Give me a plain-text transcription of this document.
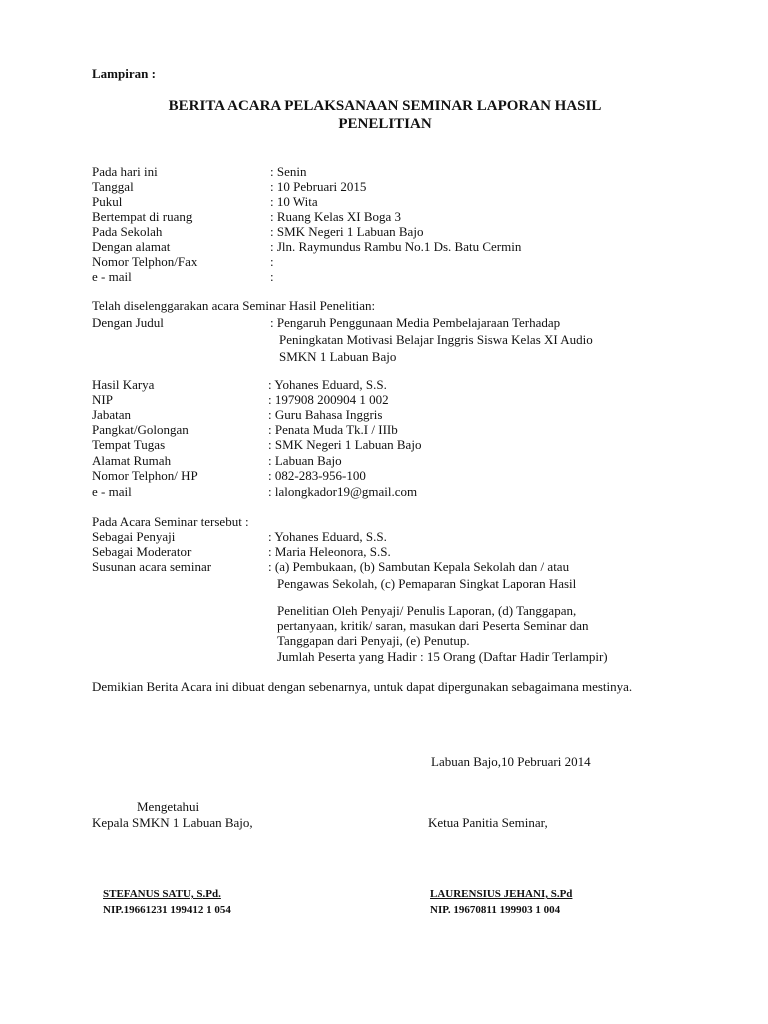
Lampiran :
BERITA ACARA PELAKSANAAN SEMINAR LAPORAN HASIL
PENELITIAN
Pada hari ini	: Senin
Tanggal	: 10 Pebruari 2015
Pukul	: 10 Wita
Bertempat di ruang	: Ruang Kelas XI Boga 3
Pada Sekolah	: SMK Negeri 1 Labuan Bajo
Dengan alamat	: Jln. Raymundus Rambu No.1 Ds. Batu Cermin
Nomor Telphon/Fax	:
e - mail	:
Telah diselenggarakan acara Seminar Hasil Penelitian:
Dengan Judul	: Pengaruh Penggunaan Media Pembelajaraan Terhadap
Peningkatan Motivasi Belajar Inggris Siswa Kelas XI Audio
SMKN 1 Labuan Bajo
Hasil Karya	: Yohanes Eduard, S.S.
NIP	: 197908 200904 1 002
Jabatan	: Guru Bahasa Inggris
Pangkat/Golongan	: Penata Muda Tk.I / IIIb
Tempat Tugas	: SMK Negeri 1 Labuan Bajo
Alamat Rumah	: Labuan Bajo
Nomor Telphon/ HP	: 082-283-956-100
e - mail	: lalongkador19@gmail.com
Pada Acara Seminar tersebut :
Sebagai Penyaji	: Yohanes Eduard, S.S.
Sebagai Moderator	: Maria Heleonora, S.S.
Susunan acara seminar	: (a) Pembukaan, (b) Sambutan Kepala Sekolah dan / atau
Pengawas Sekolah, (c) Pemaparan Singkat Laporan Hasil
Penelitian Oleh Penyaji/ Penulis Laporan, (d) Tanggapan,
pertanyaan, kritik/ saran, masukan dari Peserta Seminar dan
Tanggapan dari Penyaji, (e) Penutup.
Jumlah Peserta yang Hadir : 15 Orang (Daftar Hadir Terlampir)
Demikian Berita Acara ini dibuat dengan sebenarnya, untuk dapat dipergunakan sebagaimana mestinya.
Labuan Bajo,10 Pebruari 2014
Mengetahui
Kepala SMKN 1 Labuan Bajo,	Ketua Panitia Seminar,
STEFANUS SATU, S.Pd.
NIP.19661231 199412 1 054
LAURENSIUS JEHANI, S.Pd
NIP. 19670811 199903 1 004
